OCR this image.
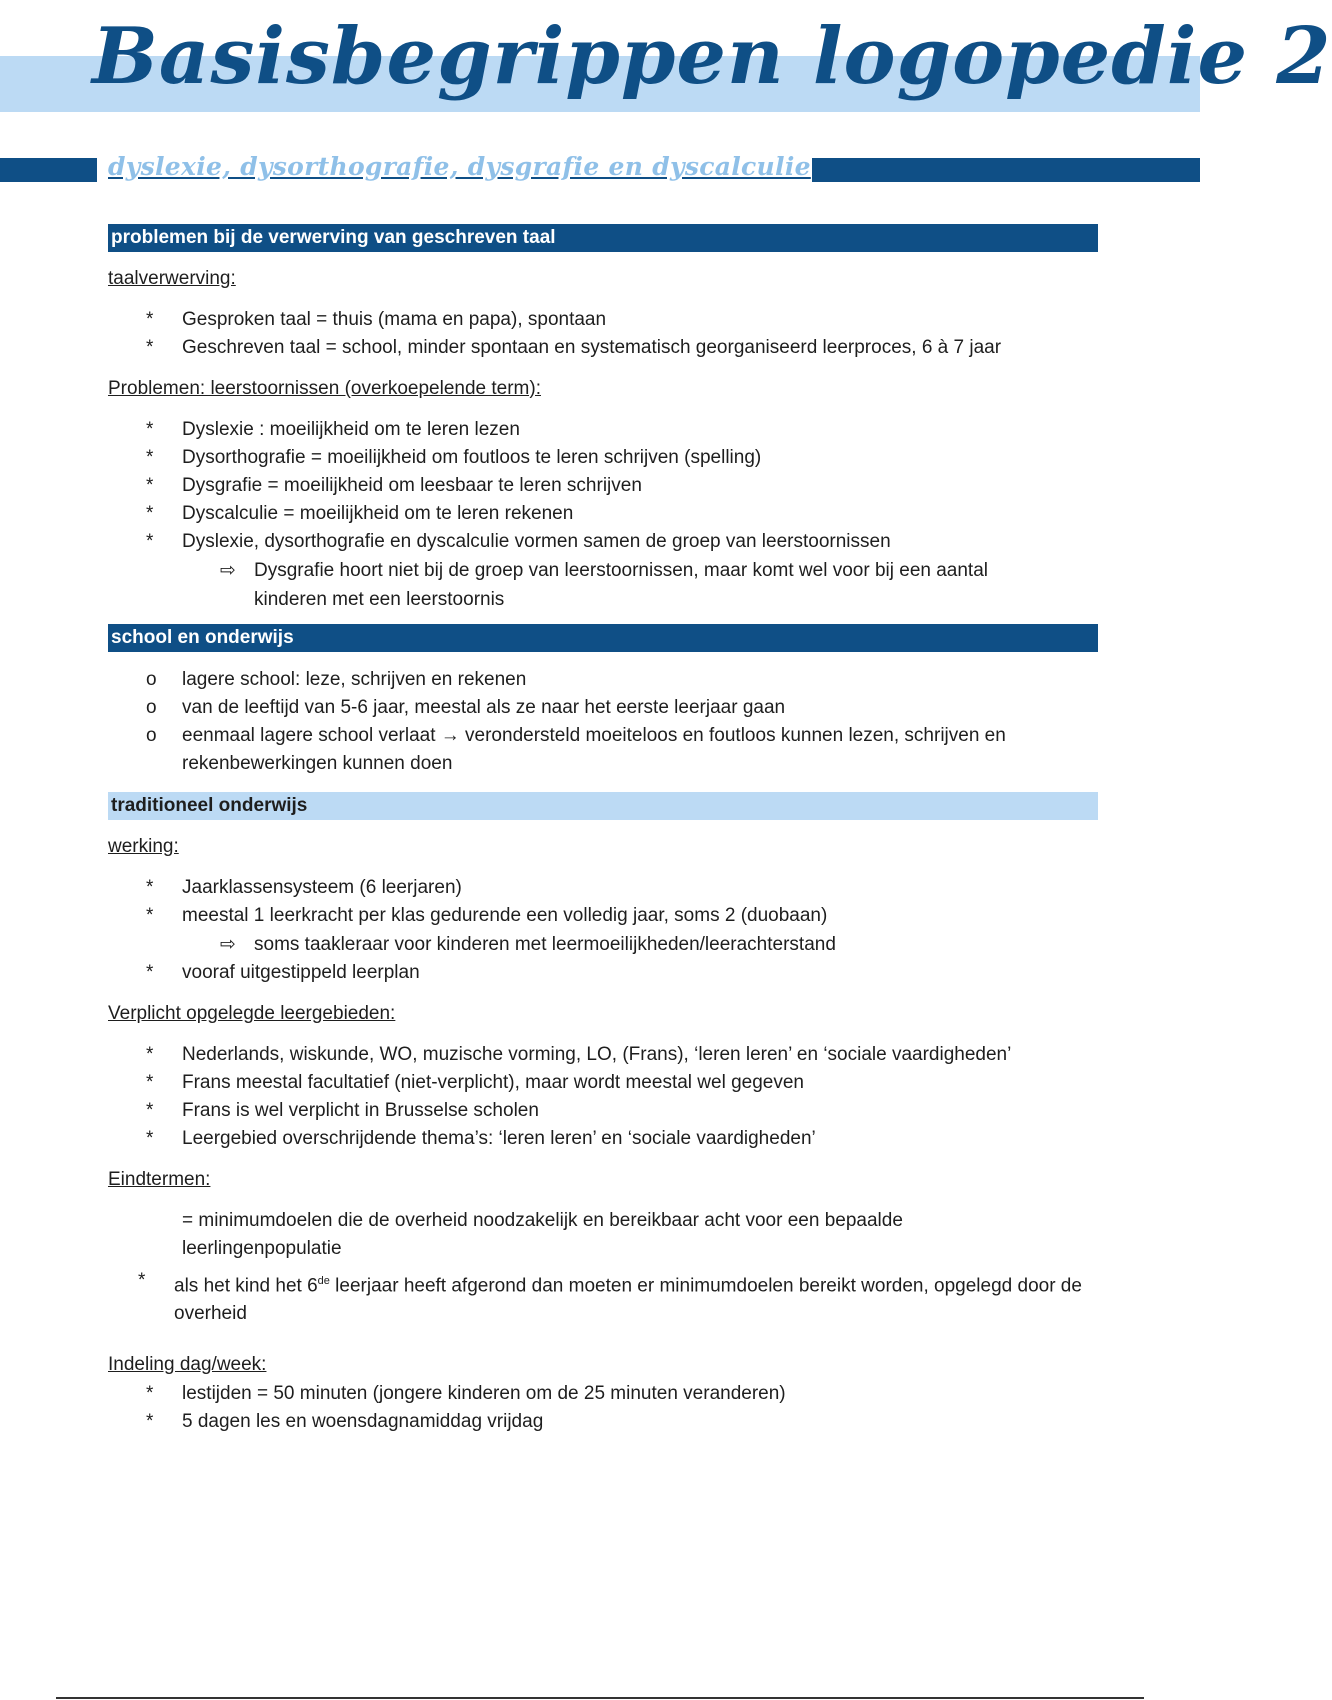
Basisbegrippen logopedie 2
dyslexie, dysorthografie, dysgrafie en dyscalculie
problemen bij de verwerving van geschreven taal
taalverwerving:
*	Gesproken taal = thuis (mama en papa), spontaan
*	Geschreven taal = school, minder spontaan en systematisch georganiseerd leerproces, 6 à 7 jaar
Problemen: leerstoornissen (overkoepelende term):
*	Dyslexie : moeilijkheid om te leren lezen
*	Dysorthografie = moeilijkheid om foutloos te leren schrijven (spelling)
*	Dysgrafie = moeilijkheid om leesbaar te leren schrijven
*	Dyscalculie = moeilijkheid om te leren rekenen
*	Dyslexie, dysorthografie en dyscalculie vormen samen de groep van leerstoornissen
⇨ Dysgrafie hoort niet bij de groep van leerstoornissen, maar komt wel voor bij een aantal
kinderen met een leerstoornis
school en onderwijs
o	lagere school: leze, schrijven en rekenen
o	van de leeftijd van 5-6 jaar, meestal als ze naar het eerste leerjaar gaan
o	eenmaal lagere school verlaat → verondersteld moeiteloos en foutloos kunnen lezen, schrijven en rekenbewerkingen kunnen doen
traditioneel onderwijs
werking:
*	Jaarklassensysteem (6 leerjaren)
*	meestal 1 leerkracht per klas gedurende een volledig jaar, soms 2 (duobaan)
⇨ soms taakleraar voor kinderen met leermoeilijkheden/leerachterstand
*	vooraf uitgestippeld leerplan
Verplicht opgelegde leergebieden:
*	Nederlands, wiskunde, WO, muzische vorming, LO, (Frans), ‘leren leren’ en ‘sociale vaardigheden’
*	Frans meestal facultatief (niet-verplicht), maar wordt meestal wel gegeven
*	Frans is wel verplicht in Brusselse scholen
*	Leergebied overschrijdende thema’s: ‘leren leren’ en ‘sociale vaardigheden’
Eindtermen:
= minimumdoelen die de overheid noodzakelijk en bereikbaar acht voor een bepaalde
leerlingenpopulatie
* als het kind het 6de leerjaar heeft afgerond dan moeten er minimumdoelen bereikt worden, opgelegd door de overheid
Indeling dag/week:
*	lestijden = 50 minuten (jongere kinderen om de 25 minuten veranderen)
*	5 dagen les en woensdagnamiddag vrijdag
